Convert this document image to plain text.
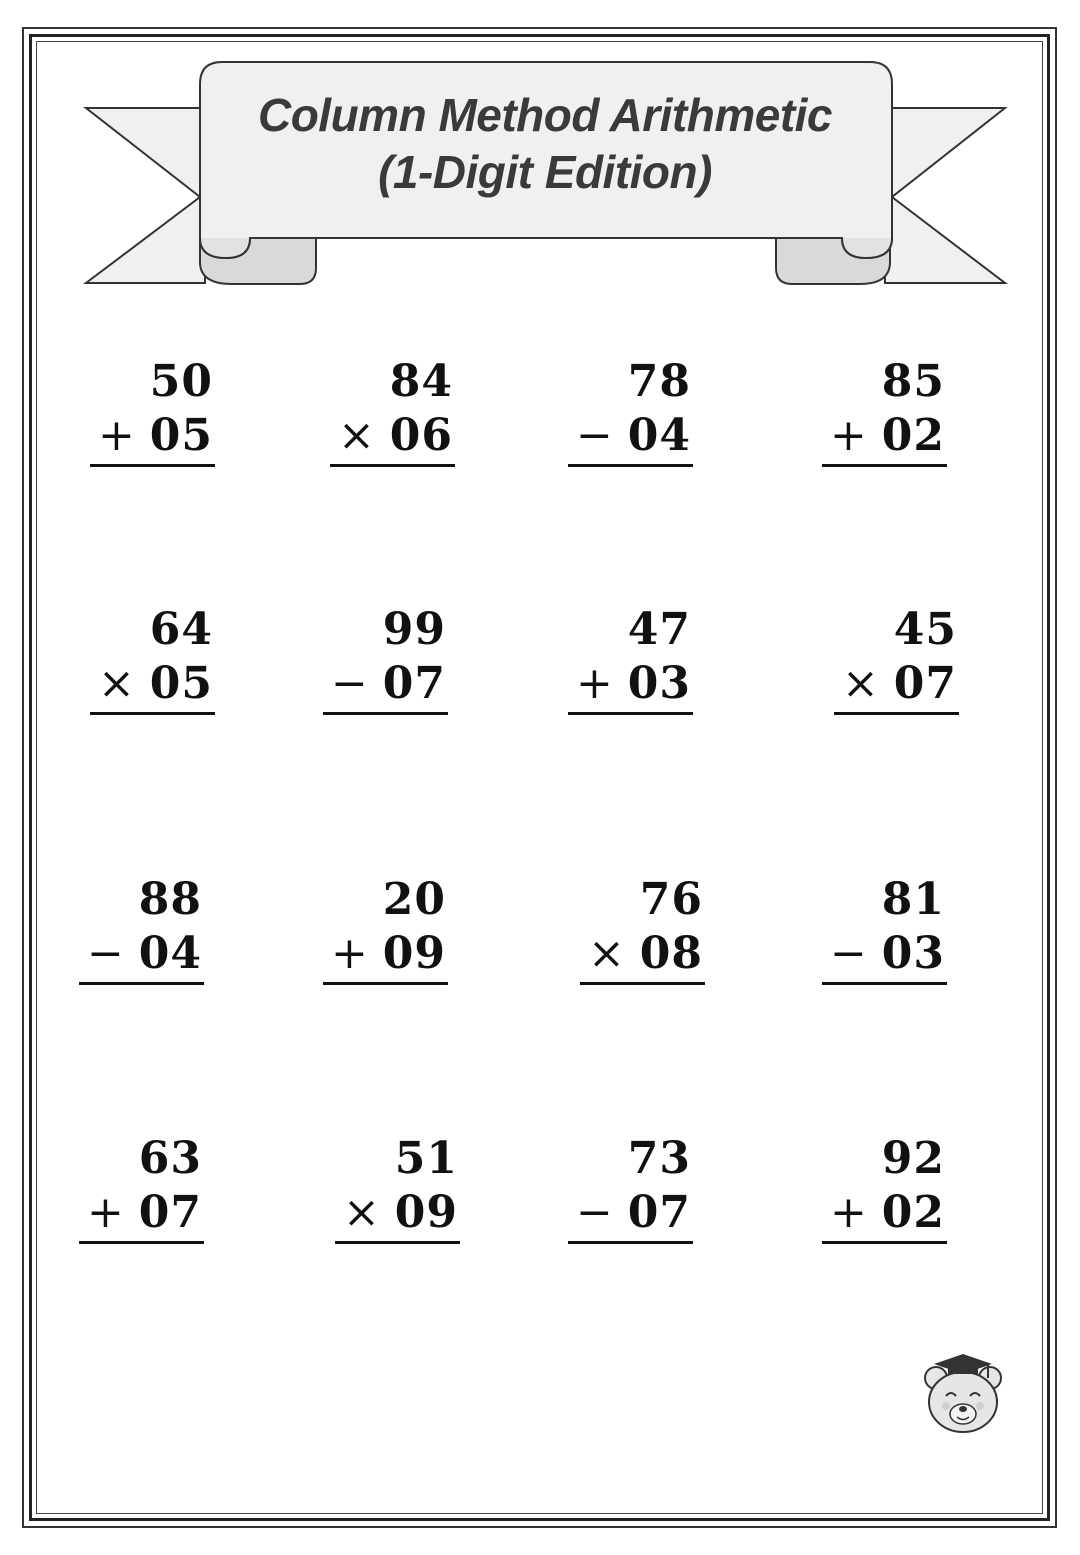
Column Method Arithmetic
(1-Digit Edition)
50
+ 05
84
× 06
78
− 04
85
+ 02
64
× 05
99
− 07
47
+ 03
45
× 07
88
− 04
20
+ 09
76
× 08
81
− 03
63
+ 07
51
× 09
73
− 07
92
+ 02
